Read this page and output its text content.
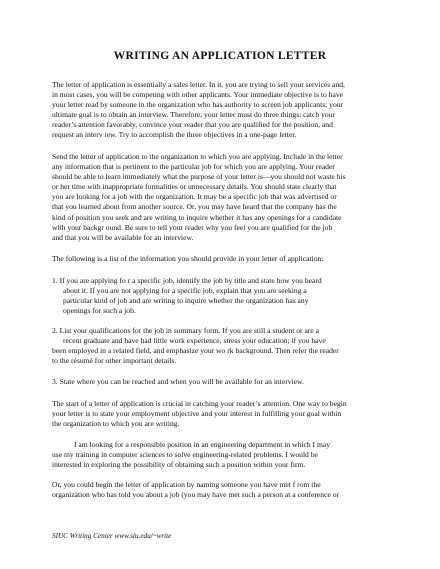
WRITING AN APPLICATION LETTER
The letter of application is essentially a sales letter. In it, you are trying to sell your services and,
in most cases, you will be competing with other applicants. Your immediate objective is to have
your letter read by someone in the organization who has authority to screen job applicants; your
ultimate goal is to obtain an interview. Therefore, your letter must do three things: catch your
reader’s attention favorably, convince your reader that you are qualified for the position, and
request an interv iew. Try to accomplish the three objectives in a one-page letter.
Send the letter of application to the organization to which you are applying. Include in the letter
any information that is pertinent to the particular job for which you are applying. Your reader
should be able to learn immediately what the purpose of your letter is—you should not waste his
or her time with inappropriate formalities or unnecessary details. You should state clearly that
you are looking for a job with the organization. It may be a specific job that was advertised or
that you learned about from another source. Or, you may have heard that the company has the
kind of position you seek and are writing to inquire whether it has any openings for a candidate
with your backgr ound. Be sure to tell your reader why you feel you are qualified for the job
and that you will be available for an interview.
The following is a list of the information you should provide in your letter of application:
1. If you are applying fo r a specific job, identify the job by title and state how you heard
about it. If you are not applying for a specific job, explain that you are seeking a
particular kind of job and are writing to inquire whether the organization has any
openings for such a job.
2. List your qualifications for the job in summary form. If you are still a student or are a
recent graduate and have had little work experience, stress your education; if you have
been employed in a related field, and emphasize your wo rk background. Then refer the reader
to the résumé for other important details.
3. State where you can be reached and when you will be available for an interview.
The start of a letter of application is crucial in catching your reader’s attention. One way to begin
your letter is to state your employment objective and your interest in fulfilling your goal within
the organization to which you are writing.
I am looking for a responsible position in an engineering department in which I may
use my training in computer sciences to solve engineering-related problems. I would be
interested in exploring the possibility of obtaining such a position within your firm.
Or, you could begin the letter of application by naming someone you have met f rom the
organization who has told you about a job (you may have met such a person at a conference or
SIUC Writing Center www.siu.edu/~write
